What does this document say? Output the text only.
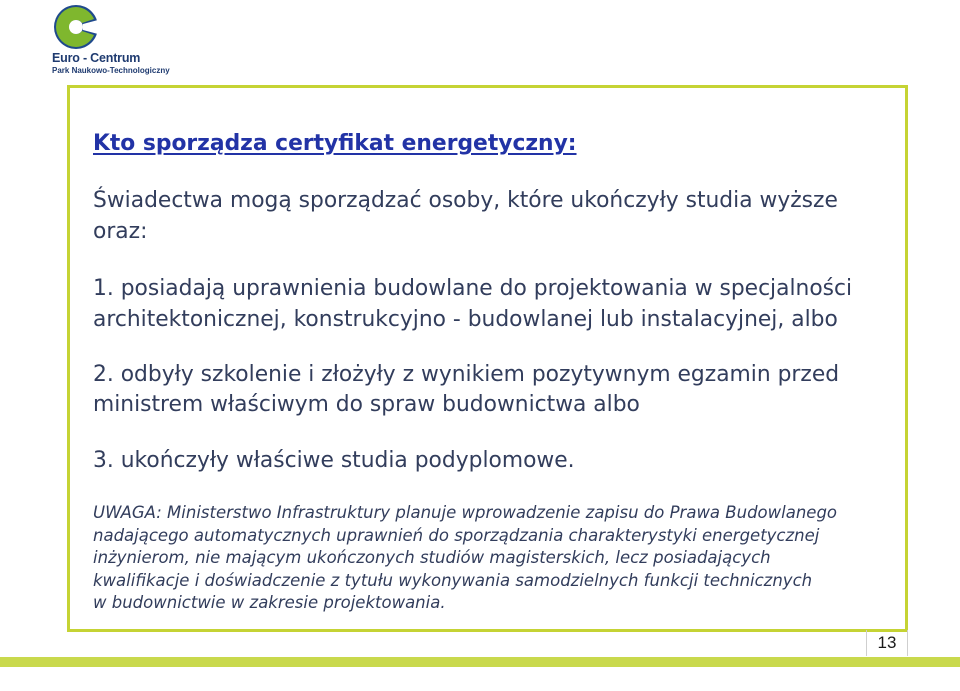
Euro - Centrum
Park Naukowo-Technologiczny
Kto sporządza certyfikat energetyczny:
Świadectwa mogą sporządzać osoby, które ukończyły studia wyższe
oraz:
1. posiadają uprawnienia budowlane do projektowania w specjalności
architektonicznej, konstrukcyjno - budowlanej lub instalacyjnej, albo
2. odbyły szkolenie i złożyły z wynikiem pozytywnym egzamin przed
ministrem właściwym do spraw budownictwa albo
3. ukończyły właściwe studia podyplomowe.
UWAGA: Ministerstwo Infrastruktury planuje wprowadzenie zapisu do Prawa Budowlanego
nadającego automatycznych uprawnień do sporządzania charakterystyki energetycznej
inżynierom, nie mającym ukończonych studiów magisterskich, lecz posiadających
kwalifikacje i doświadczenie z tytułu wykonywania samodzielnych funkcji technicznych
w budownictwie w zakresie projektowania.
13
